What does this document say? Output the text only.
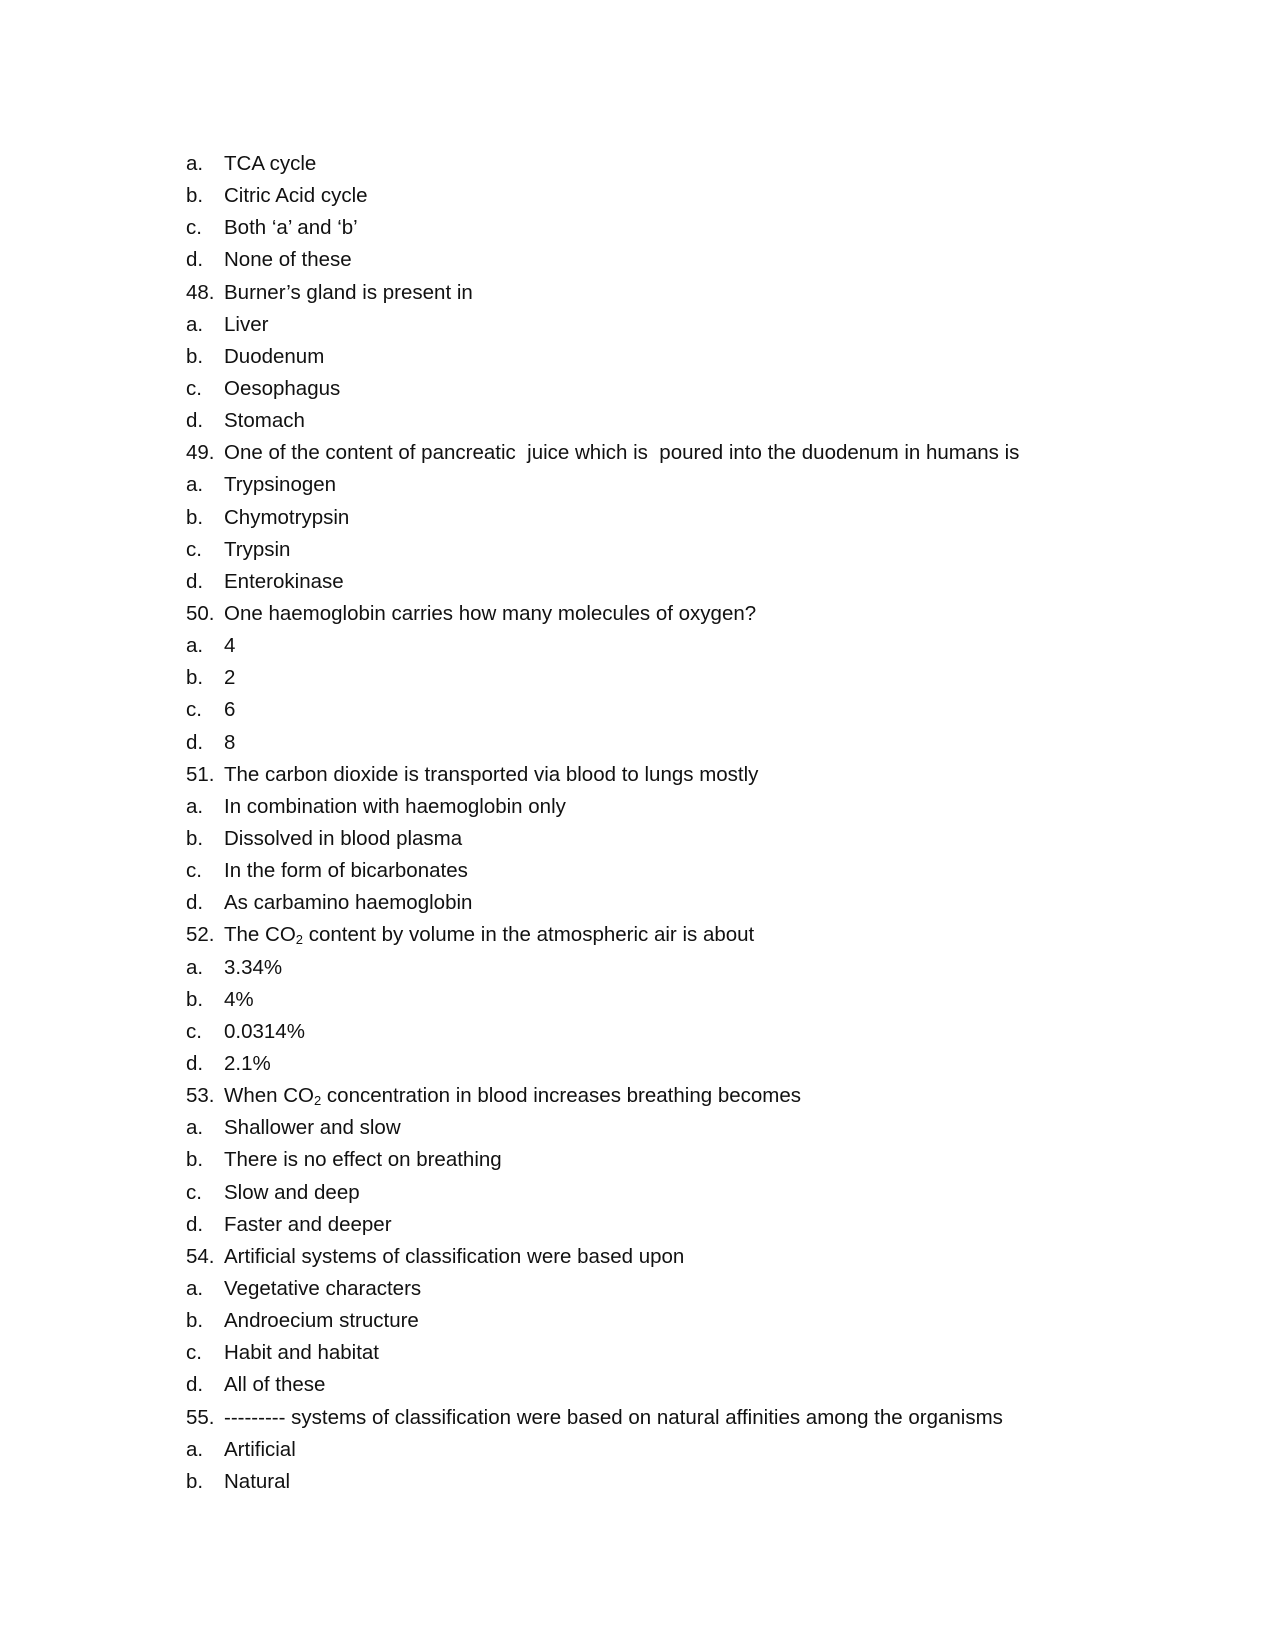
a.	TCA cycle
b.	Citric Acid cycle
c.	Both ‘a’ and ‘b’
d.	None of these
48. Burner’s gland is present in
a.	Liver
b.	Duodenum
c.	Oesophagus
d.	Stomach
49. One of the content of pancreatic  juice which is  poured into the duodenum in humans is
a.	Trypsinogen
b.	Chymotrypsin
c.	Trypsin
d.	Enterokinase
50. One haemoglobin carries how many molecules of oxygen?
a.	4
b.	2
c.	6
d.	8
51. The carbon dioxide is transported via blood to lungs mostly
a.	In combination with haemoglobin only
b.	Dissolved in blood plasma
c.	In the form of bicarbonates
d.	As carbamino haemoglobin
52. The $CO_2$ content by volume in the atmospheric air is about
a.	3.34%
b.	4%
c.	0.0314%
d.	2.1%
53. When $CO_2$ concentration in blood increases breathing becomes
a.	Shallower and slow
b.	There is no effect on breathing
c.	Slow and deep
d.	Faster and deeper
54. Artificial systems of classification were based upon
a.	Vegetative characters
b.	Androecium structure
c.	Habit and habitat
d.	All of these
55. --------- systems of classification were based on natural affinities among the organisms
a.	Artificial
b.	Natural
